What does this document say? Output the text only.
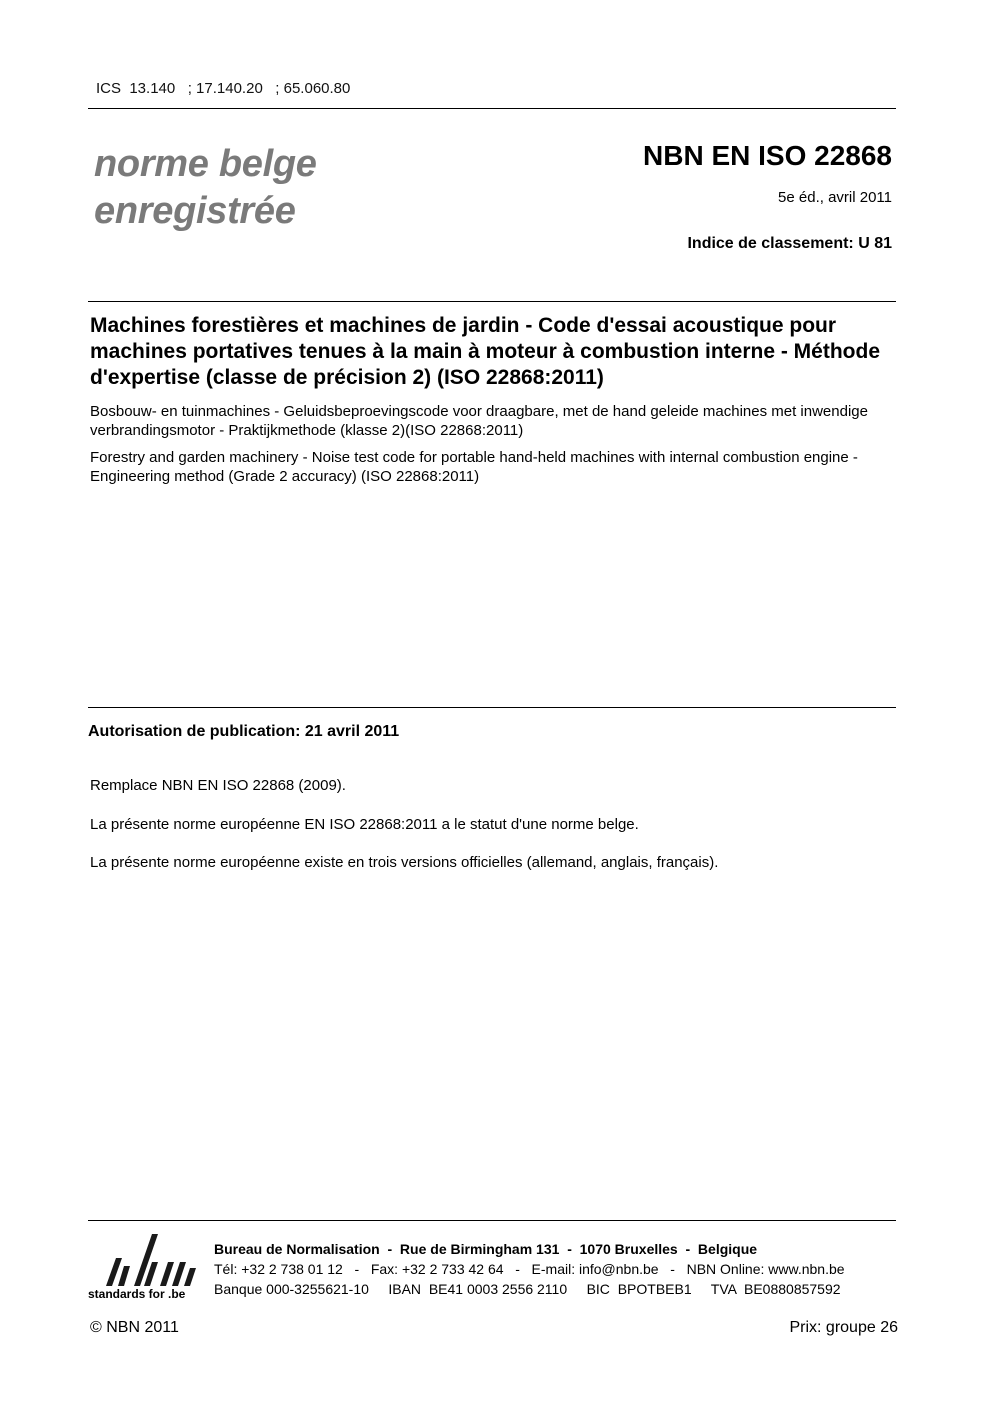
ICS  13.140   ; 17.140.20   ; 65.060.80
norme belge
enregistrée
NBN EN ISO 22868
5e éd., avril 2011
Indice de classement: U 81
Machines forestières et machines de jardin - Code d'essai acoustique pour machines portatives tenues à la main à moteur à combustion interne - Méthode d'expertise (classe de précision 2) (ISO 22868:2011)
Bosbouw- en tuinmachines - Geluidsbeproevingscode voor draagbare, met de hand geleide machines met inwendige verbrandingsmotor - Praktijkmethode (klasse 2)(ISO 22868:2011)
Forestry and garden machinery - Noise test code for portable hand-held machines with internal combustion engine - Engineering method (Grade 2 accuracy) (ISO 22868:2011)
Autorisation de publication: 21 avril 2011
Remplace NBN EN ISO 22868 (2009).
La présente norme européenne EN ISO 22868:2011 a le statut d'une norme belge.
La présente norme européenne existe en trois versions officielles (allemand, anglais, français).
standards for .be
Bureau de Normalisation  -  Rue de Birmingham 131  -  1070 Bruxelles  -  Belgique
Tél: +32 2 738 01 12   -   Fax: +32 2 733 42 64   -   E-mail: info@nbn.be   -   NBN Online: www.nbn.be
Banque 000-3255621-10     IBAN  BE41 0003 2556 2110     BIC  BPOTBEB1     TVA  BE0880857592
© NBN 2011	Prix: groupe 26
